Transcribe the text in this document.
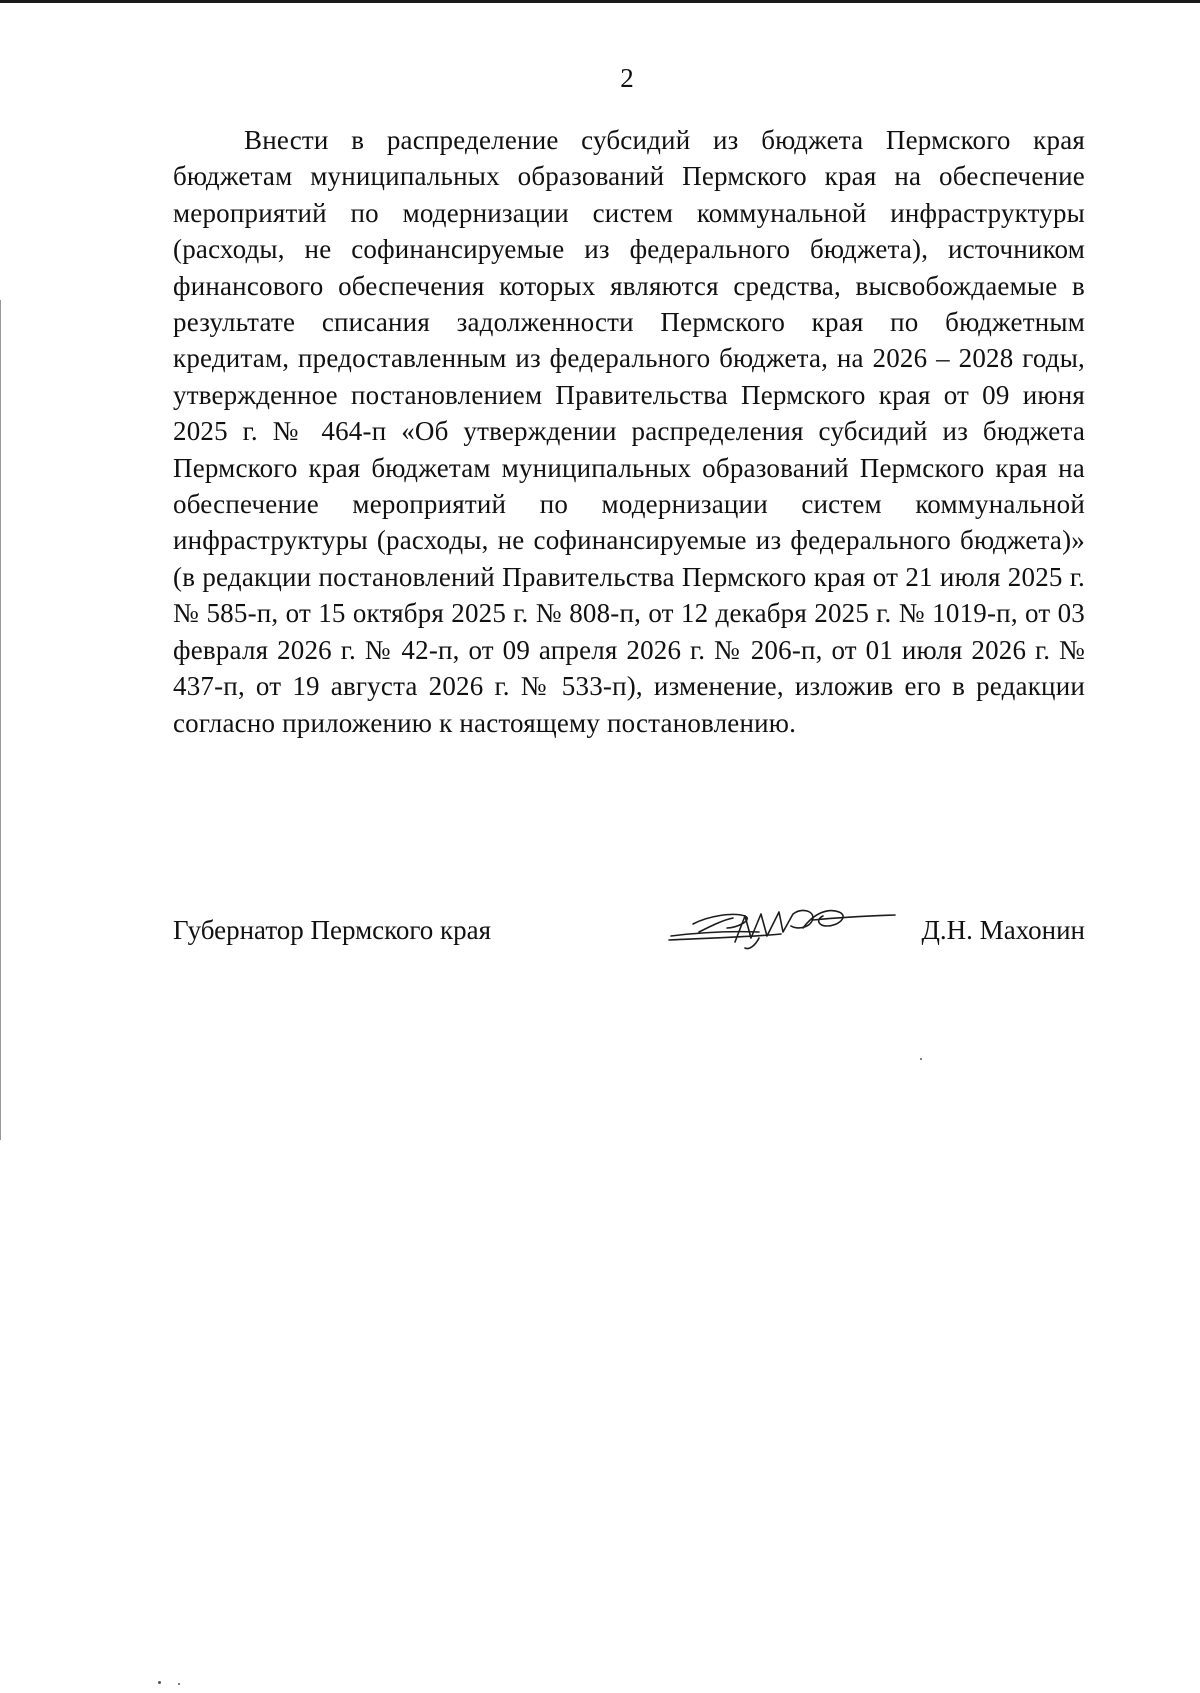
2

Внести в распределение субсидий из бюджета Пермского края бюджетам муниципальных образований Пермского края на обеспечение мероприятий по модернизации систем коммунальной инфраструктуры (расходы, не софинансируемые из федерального бюджета), источником финансового обеспечения которых являются средства, высвобождаемые в результате списания задолженности Пермского края по бюджетным кредитам, предоставленным из федерального бюджета, на 2026 – 2028 годы, утвержденное постановлением Правительства Пермского края от 09 июня 2025 г. № 464-п «Об утверждении распределения субсидий из бюджета Пермского края бюджетам муниципальных образований Пермского края на обеспечение мероприятий по модернизации систем коммунальной инфраструктуры (расходы, не софинансируемые из федерального бюджета)» (в редакции постановлений Правительства Пермского края от 21 июля 2025 г. № 585-п, от 15 октября 2025 г. № 808-п, от 12 декабря 2025 г. № 1019-п, от 03 февраля 2026 г. № 42-п, от 09 апреля 2026 г. № 206-п, от 01 июля 2026 г. № 437-п, от 19 августа 2026 г. № 533-п), изменение, изложив его в редакции согласно приложению к настоящему постановлению.

Губернатор Пермского края	Д.Н. Махонин
